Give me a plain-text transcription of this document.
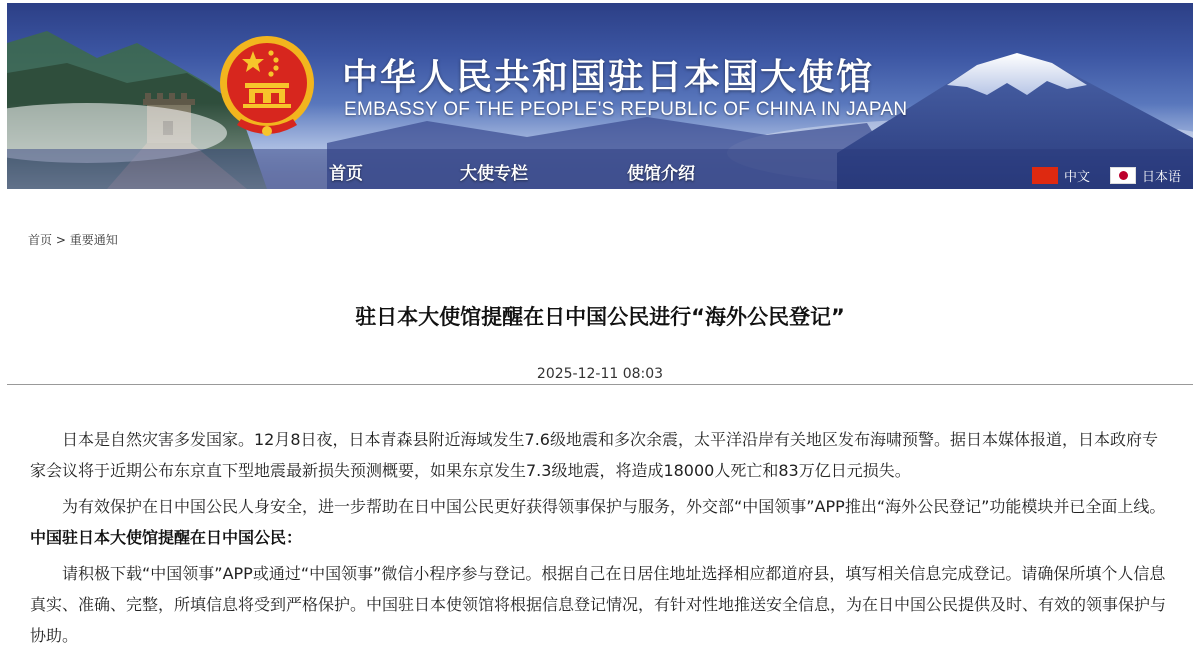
中华人民共和国驻日本国大使馆
EMBASSY OF THE PEOPLE'S REPUBLIC OF CHINA IN JAPAN
首页	大使专栏	使馆介绍	中文	日本语
首页 > 重要通知
驻日本大使馆提醒在日中国公民进行“海外公民登记”
2025-12-11 08:03

日本是自然灾害多发国家。12月8日夜，日本青森县附近海域发生7.6级地震和多次余震，太平洋沿岸有关地区发布海啸预警。据日本媒体报道，日本政府专家会议将于近期公布东京直下型地震最新损失预测概要，如果东京发生7.3级地震，将造成18000人死亡和83万亿日元损失。

为有效保护在日中国公民人身安全，进一步帮助在日中国公民更好获得领事保护与服务，外交部“中国领事”APP推出“海外公民登记”功能模块并已全面上线。中国驻日本大使馆提醒在日中国公民：

请积极下载“中国领事”APP或通过“中国领事”微信小程序参与登记。根据自己在日居住地址选择相应都道府县，填写相关信息完成登记。请确保所填个人信息真实、准确、完整，所填信息将受到严格保护。中国驻日本使领馆将根据信息登记情况，有针对性地推送安全信息，为在日中国公民提供及时、有效的领事保护与协助。
